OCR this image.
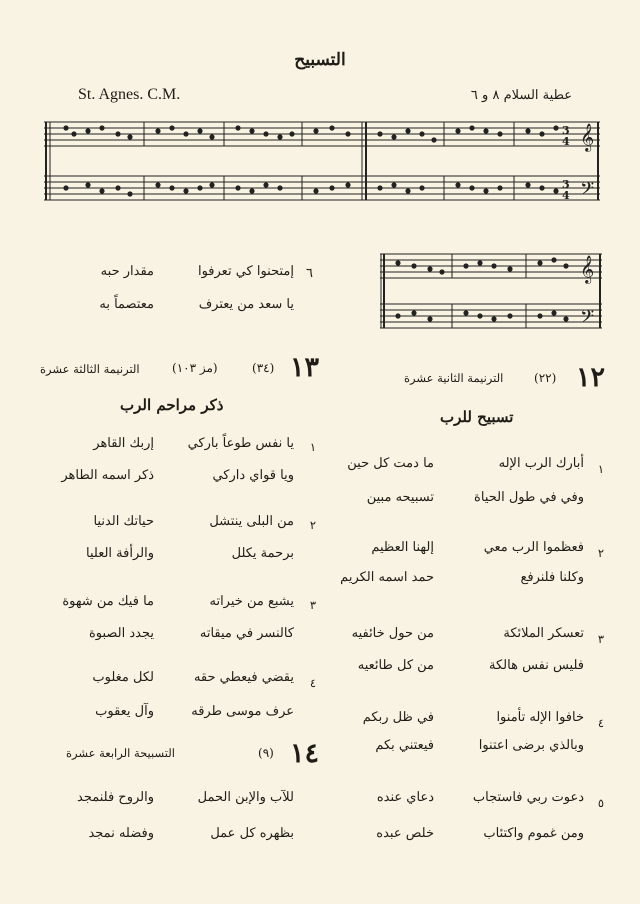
التسبيح
St. Agnes. C.M.	عطية السلام ٨ و ٦
𝄞
𝄢
3
4
3
4
٦
إمتحنوا كي تعرفوا
يا سعد من يعترف
مقدار حبه
معتصماً به
𝄞
𝄢
١٣
(٣٤)
(مز ١٠٣)
الترنيمة الثالثة عشرة
ذكر مراحم الرب
١٢
(٢٢)
الترنيمة الثانية عشرة
تسبيح للرب
١
يا نفس طوعاً باركي
ويا قواي داركي
إربك القاهر
ذكر اسمه الطاهر
٢
من البلى ينتشل
برحمة يكلل
حياتك الدنيا
والرأفة العليا
٣
يشبع من خيراته
كالنسر في ميقاته
ما فيك من شهوة
يجدد الصبوة
٤
يقضي فيعطي حقه
عرف موسى طرقه
لكل مغلوب
وآل يعقوب
١٤
(٩)
التسبيحة الرابعة عشرة
للآب والإبن الحمل
والروح فلنمجد
بظهره كل عمل
وفضله نمجد
١
أبارك الرب الإله
وفي في طول الحياة
ما دمت كل حين
تسبيحه مبين
٢
فعظموا الرب معي
وكلنا فلنرفع
إلهنا العظيم
حمد اسمه الكريم
٣
تعسكر الملائكة
فليس نفس هالكة
من حول خائفيه
من كل طائعيه
٤
خافوا الإله تأمنوا
وبالذي برضى اعتنوا
في ظل ربكم
فيعتني بكم
٥
دعوت ربي فاستجاب
ومن غموم واكتئاب
دعاي عنده
خلص عبده
